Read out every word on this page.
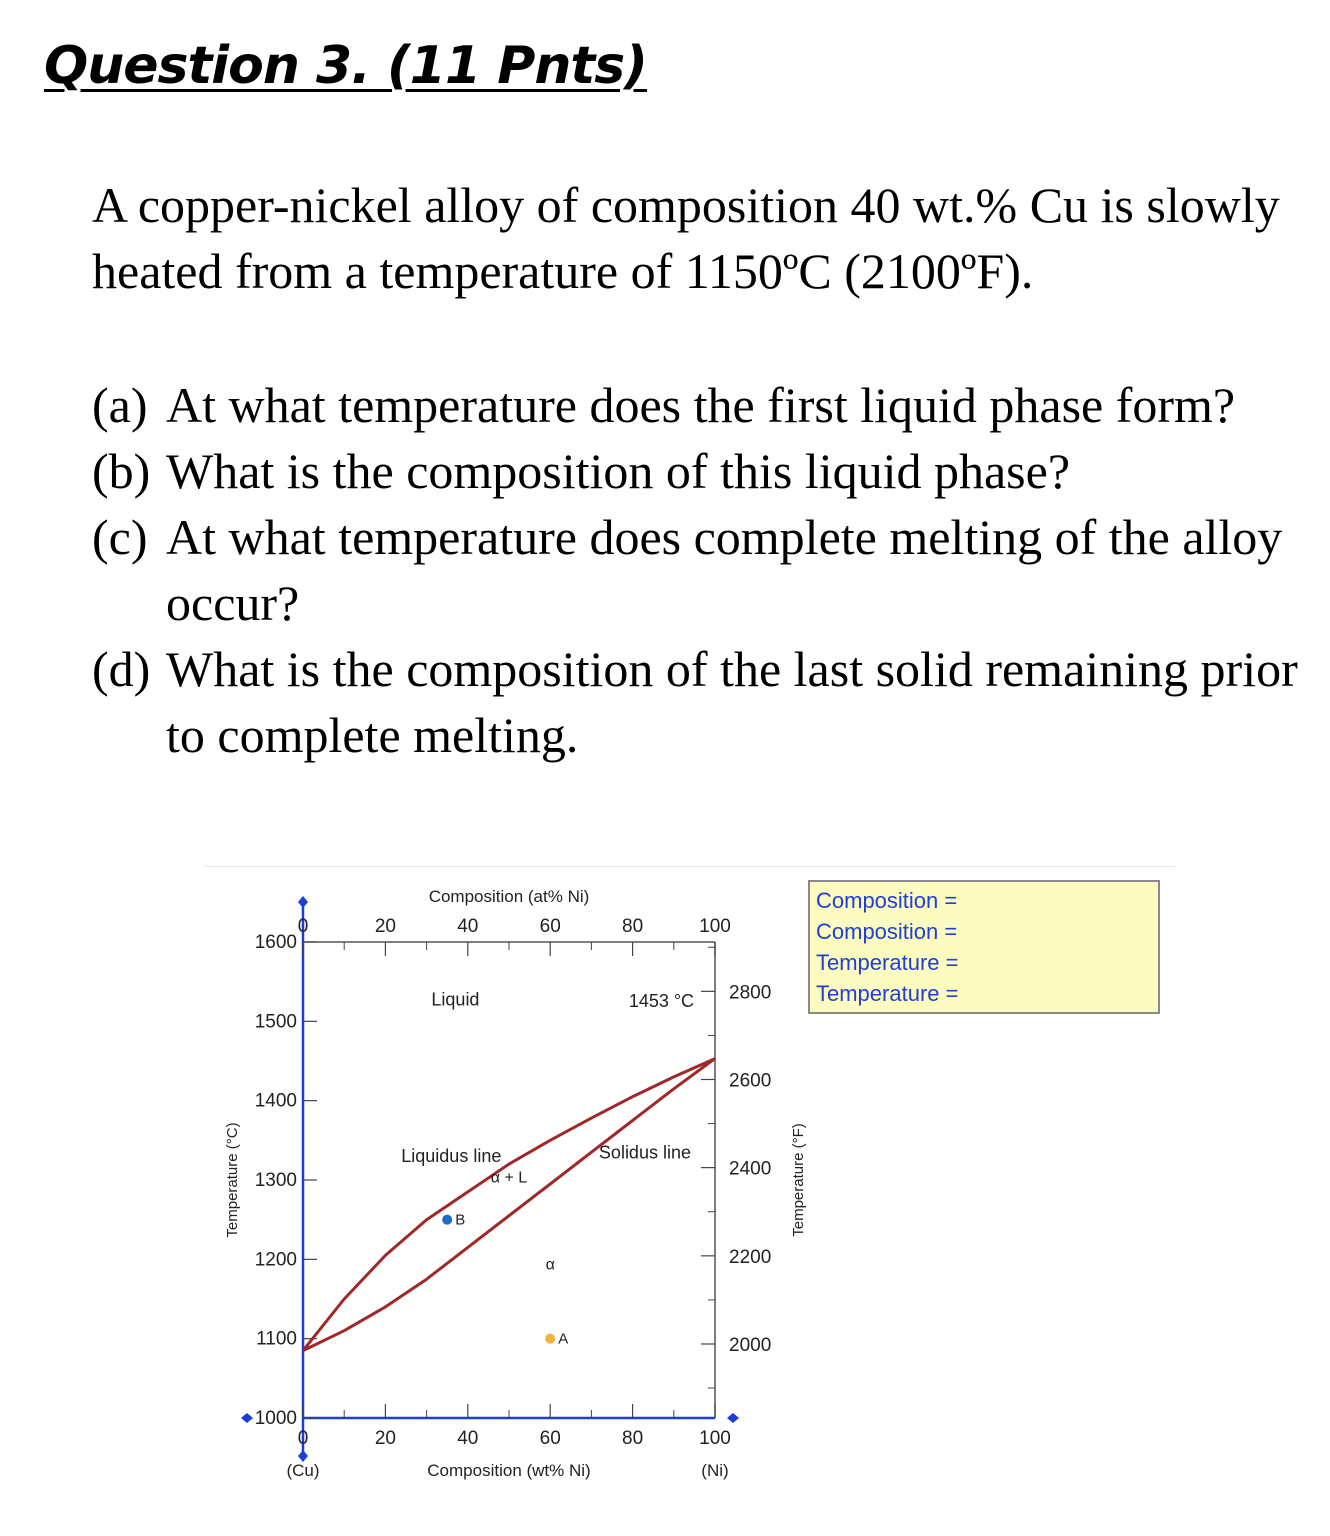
Question 3. (11 Pnts)

A copper-nickel alloy of composition 40 wt.% Cu is slowly heated from a temperature of 1150ºC (2100ºF).

(a) At what temperature does the first liquid phase form?
(b) What is the composition of this liquid phase?
(c) At what temperature does complete melting of the alloy occur?
(d) What is the composition of the last solid remaining prior to complete melting.
0	20	40	60	80	100
0	20	40	60	80	100
1000
1100
1200
1300
1400
1500
1600
2000
2200
2400
2600
2800
Composition (wt% Ni)
Composition (at% Ni)
(Cu)	(Ni)
Temperature (°C)	Temperature (°F)
Liquid	1453 °C
Liquidus line	Solidus line
α + L
α
B
A
Composition =
Composition =
Temperature =
Temperature =
